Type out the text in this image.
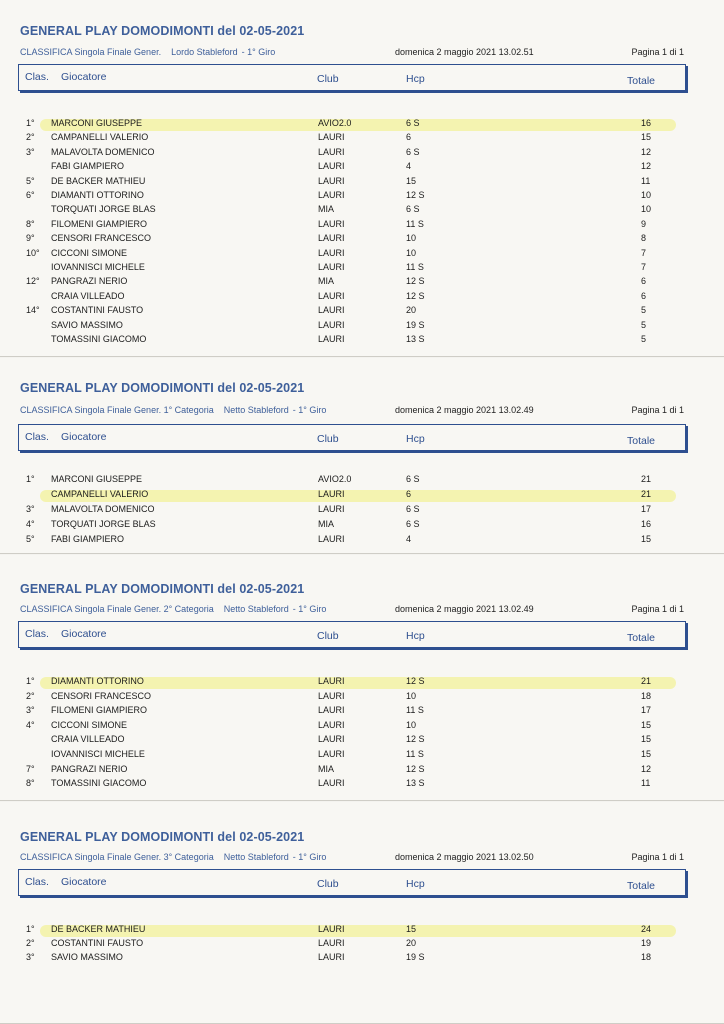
GENERAL PLAY DOMODIMONTI del 02-05-2021
CLASSIFICA Singola Finale Gener. Lordo Stableford - 1° Giro	domenica 2 maggio 2021 13.02.51	Pagina 1 di 1
Clas. Giocatore	Club	Hcp	Totale
1° MARCONI GIUSEPPE	AVIO2.0	6 S	16
2° CAMPANELLI VALERIO	LAURI	6	15
3° MALAVOLTA DOMENICO	LAURI	6 S	12
FABI GIAMPIERO	LAURI	4	12
5° DE BACKER MATHIEU	LAURI	15	11
6° DIAMANTI OTTORINO	LAURI	12 S	10
TORQUATI JORGE BLAS	MIA	6 S	10
8° FILOMENI GIAMPIERO	LAURI	11 S	9
9° CENSORI FRANCESCO	LAURI	10	8
10° CICCONI SIMONE	LAURI	10	7
IOVANNISCI MICHELE	LAURI	11 S	7
12° PANGRAZI NERIO	MIA	12 S	6
CRAIA VILLEADO	LAURI	12 S	6
14° COSTANTINI FAUSTO	LAURI	20	5
SAVIO MASSIMO	LAURI	19 S	5
TOMASSINI GIACOMO	LAURI	13 S	5
GENERAL PLAY DOMODIMONTI del 02-05-2021
CLASSIFICA Singola Finale Gener. 1° Categoria Netto Stableford - 1° Giro	domenica 2 maggio 2021 13.02.49	Pagina 1 di 1
Clas. Giocatore	Club	Hcp	Totale
1° MARCONI GIUSEPPE	AVIO2.0	6 S	21
CAMPANELLI VALERIO	LAURI	6	21
3° MALAVOLTA DOMENICO	LAURI	6 S	17
4° TORQUATI JORGE BLAS	MIA	6 S	16
5° FABI GIAMPIERO	LAURI	4	15
GENERAL PLAY DOMODIMONTI del 02-05-2021
CLASSIFICA Singola Finale Gener. 2° Categoria Netto Stableford - 1° Giro	domenica 2 maggio 2021 13.02.49	Pagina 1 di 1
Clas. Giocatore	Club	Hcp	Totale
1° DIAMANTI OTTORINO	LAURI	12 S	21
2° CENSORI FRANCESCO	LAURI	10	18
3° FILOMENI GIAMPIERO	LAURI	11 S	17
4° CICCONI SIMONE	LAURI	10	15
CRAIA VILLEADO	LAURI	12 S	15
IOVANNISCI MICHELE	LAURI	11 S	15
7° PANGRAZI NERIO	MIA	12 S	12
8° TOMASSINI GIACOMO	LAURI	13 S	11
GENERAL PLAY DOMODIMONTI del 02-05-2021
CLASSIFICA Singola Finale Gener. 3° Categoria Netto Stableford - 1° Giro	domenica 2 maggio 2021 13.02.50	Pagina 1 di 1
Clas. Giocatore	Club	Hcp	Totale
1° DE BACKER MATHIEU	LAURI	15	24
2° COSTANTINI FAUSTO	LAURI	20	19
3° SAVIO MASSIMO	LAURI	19 S	18
